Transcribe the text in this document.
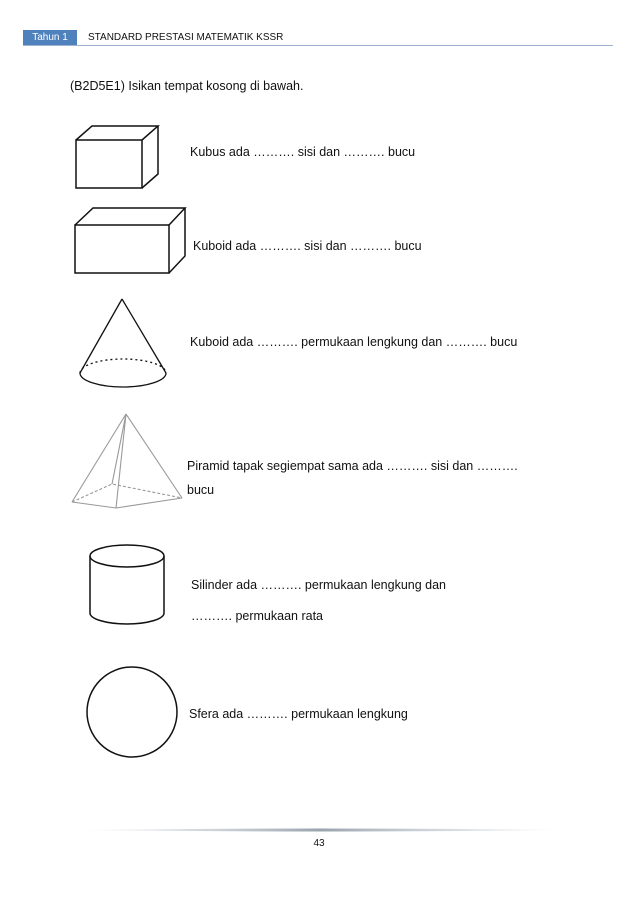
Tahun 1	STANDARD PRESTASI MATEMATIK KSSR
(B2D5E1) Isikan tempat kosong di bawah.
Kubus ada ………. sisi dan ………. bucu
Kuboid ada ………. sisi dan ………. bucu
Kuboid ada ………. permukaan lengkung dan ………. bucu
Piramid tapak segiempat sama ada ………. sisi dan ……….
bucu
Silinder ada ………. permukaan lengkung dan
………. permukaan rata
Sfera ada ………. permukaan lengkung
43
